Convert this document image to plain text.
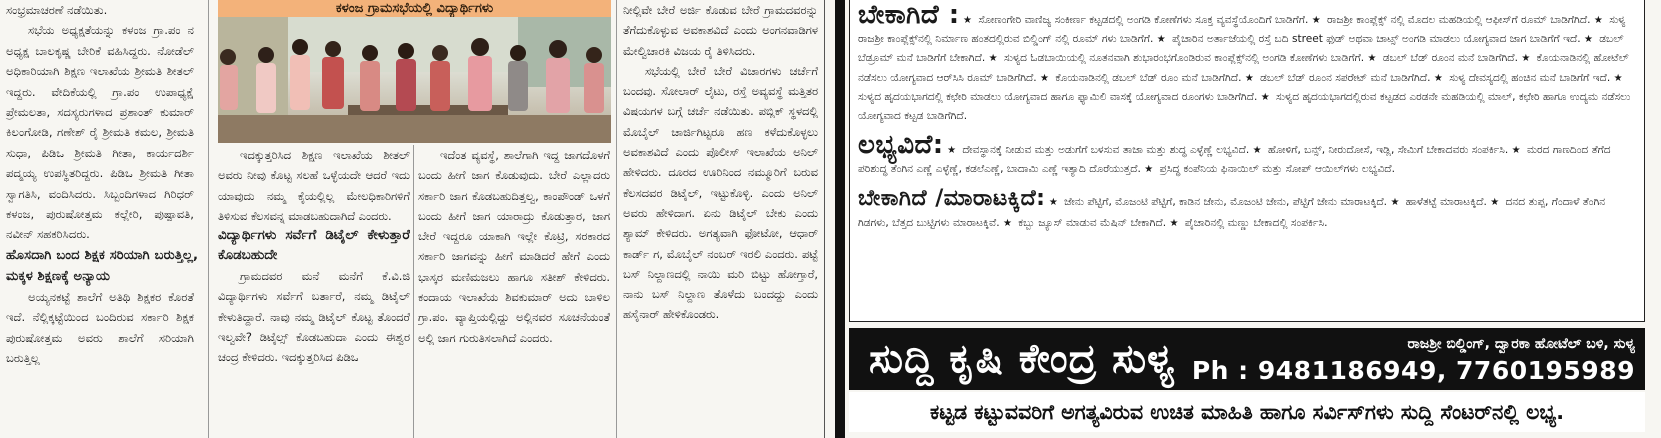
ಸಂಭ್ರಮಾಚರಣೆ ನಡೆಯಿತು.

ಸಭೆಯ ಅಧ್ಯಕ್ಷತೆಯನ್ನು ಕಳಂಜ ಗ್ರಾ.ಪಂ ನ ಅಧ್ಯಕ್ಷ ಬಾಲಕೃಷ್ಣ ಬೇರಿಕೆ ವಹಿಸಿದ್ದರು. ನೋಡೆಲ್ ಅಧಿಕಾರಿಯಾಗಿ ಶಿಕ್ಷಣ ಇಲಾಖೆಯ ಶ್ರೀಮತಿ ಶೀತಲ್ ಇದ್ದರು. ವೇದಿಕೆಯಲ್ಲಿ ಗ್ರಾ.ಪಂ ಉಪಾಧ್ಯಕ್ಷೆ ಪ್ರೇಮಲತಾ, ಸದಸ್ಯರುಗಳಾದ ಪ್ರಶಾಂತ್ ಕುಮಾರ್ ಕಿಲಂಗೋಡಿ, ಗಣೇಶ್ ರೈ ಶ್ರೀಮತಿ ಕಮಲ, ಶ್ರೀಮತಿ ಸುಧಾ, ಪಿಡಿಒ ಶ್ರೀಮತಿ ಗೀತಾ, ಕಾರ್ಯದರ್ಶಿ ಪದ್ಮಯ್ಯ ಉಪಸ್ಥಿತರಿದ್ದರು. ಪಿಡಿಒ ಶ್ರೀಮತಿ ಗೀತಾ ಸ್ವಾಗತಿಸಿ, ವಂದಿಸಿದರು. ಸಿಬ್ಬಂದಿಗಳಾದ ಗಿರಿಧರ್ ಕಳಂಜ, ಪುರುಷೋತ್ತಮ ಕಲ್ಲೇರಿ, ಪುಷ್ಪಾವತಿ, ನವೀನ್ ಸಹಕರಿಸಿದರು.

ಹೊಸದಾಗಿ ಬಂದ ಶಿಕ್ಷಕ ಸರಿಯಾಗಿ ಬರುತ್ತಿಲ್ಲ, ಮಕ್ಕಳ ಶಿಕ್ಷಣಕ್ಕೆ ಅನ್ಯಾಯ

ಅಯ್ಯನಕಟ್ಟೆ ಶಾಲೆಗೆ ಅತಿಥಿ ಶಿಕ್ಷಕರ ಕೊರತೆ ಇದೆ. ನೆಲ್ಲಿಕ್ಕಟ್ಟೆಯಿಂದ ಬಂದಿರುವ ಸರ್ಕಾರಿ ಶಿಕ್ಷಕ ಪುರುಷೋತ್ತಮ ಅವರು ಶಾಲೆಗೆ ಸರಿಯಾಗಿ ಬರುತ್ತಿಲ್ಲ

ಕಳಂಜ ಗ್ರಾಮಸಭೆಯಲ್ಲಿ ವಿದ್ಯಾರ್ಥಿಗಳು

ಇದಕ್ಕುತ್ತರಿಸಿದ ಶಿಕ್ಷಣ ಇಲಾಖೆಯ ಶೀತಲ್ ಅವರು ನೀವು ಕೊಟ್ಟ ಸಲಹೆ ಒಳ್ಳೆಯದೇ ಆದರೆ ಇದು ಯಾವುದು ನಮ್ಮ ಕೈಯಲ್ಲಿಲ್ಲ ಮೇಲಧಿಕಾರಿಗಳಿಗೆ ತಿಳಿಸುವ ಕೆಲಸವನ್ನ ಮಾಡಬಹುದಾಗಿದೆ ಎಂದರು.

ವಿದ್ಯಾರ್ಥಿಗಳು ಸರ್ವೆಗೆ ಡಿಟೈಲ್ ಕೇಳುತ್ತಾರೆ ಕೊಡಬಹುದೇ

ಗ್ರಾಮದವರ ಮನೆ ಮನೆಗೆ ಕೆ.ವಿ.ಜಿ ವಿದ್ಯಾರ್ಥಿಗಳು ಸರ್ವೆಗೆ ಬರ್ತಾರೆ, ನಮ್ಮ ಡಿಟೈಲ್ ಕೇಳುತಿದ್ದಾರೆ. ನಾವು ನಮ್ಮ ಡಿಟೈಲ್ ಕೊಟ್ಟ ತೊಂದರೆ ಇಲ್ವವೇ? ಡಿಟೈಲ್ಸ್ ಕೊಡಬಹುದಾ ಎಂದು ಈಶ್ವರ ಚಂದ್ರ ಕೇಳಿದರು. ಇದಕ್ಕುತ್ತರಿಸಿದ ಪಿಡಿಒ

ಇದೆಂತ ವ್ಯವಸ್ಥೆ, ಶಾಲೆಗಾಗಿ ಇದ್ದ ಜಾಗದೊಳಗೆ ಬಂದು ಹೀಗೆ ಜಾಗ ಕೊಡುವುದು. ಬೇರೆ ಎಲ್ಲಾದರು ಸರ್ಕಾರಿ ಜಾಗ ಕೊಡಬಹುದಿತ್ತಲ್ವ, ಕಾಂಪೌಂಡ್ ಒಳಗೆ ಬಂದು ಹೀಗೆ ಜಾಗ ಯಾರಾದ್ರು ಕೊಡುತ್ತಾರ, ಜಾಗ ಬೇರೆ ಇದ್ದರೂ ಯಾಕಾಗಿ ಇಲ್ಲೇ ಕೊಟ್ರಿ, ಸರಕಾರದ ಸರ್ಕಾರಿ ಜಾಗವನ್ನು ಹೀಗೆ ಮಾಡಿದರೆ ಹೇಗೆ ಎಂದು ಭಾಸ್ಕರ ಮಣಿಮಜಲು ಹಾಗೂ ಸತೀಶ್ ಕೇಳಿದರು. ಕಂದಾಯ ಇಲಾಖೆಯ ಶಿವಕುಮಾರ್ ಅದು ಬಾಳಿಲ ಗ್ರಾ.ಪಂ. ವ್ಯಾಪ್ತಿಯಲ್ಲಿದ್ದು ಅಲ್ಲಿನವರ ಸೂಚನೆಯಂತೆ ಅಲ್ಲಿ ಜಾಗ ಗುರುತಿಸಲಾಗಿದೆ ಎಂದರು.

ನೀಲ್ಲಿವೇ ಬೇರೆ ಅರ್ಜಿ ಕೊಡುವ ಬೇರೆ ಗ್ರಾಮದವರನ್ನು ತೆಗೆದುಕೊಳ್ಳುವ ಅವಕಾಶವಿದೆ ಎಂದು ಅಂಗನವಾಡಿಗಳ ಮೇಲ್ವಿಚಾರಕಿ ವಿಜಯ ರೈ ತಿಳಿಸಿದರು.

ಸಭೆಯಲ್ಲಿ ಬೇರೆ ಬೇರೆ ವಿಚಾರಗಳು ಚರ್ಚೆಗೆ ಬಂದವು. ಸೋಲಾರ್ ಲೈಟು, ರಸ್ತೆ ಅವ್ಯವಸ್ಥೆ ಮತ್ತಿತರ ವಿಷಯಗಳ ಬಗ್ಗೆ ಚರ್ಚೆ ನಡೆಯಿತು. ಪಬ್ಲಿಕ್ ಸ್ಥಳದಲ್ಲಿ ಮೊಬೈಲ್ ಚಾರ್ಜಿಗಿಟ್ಟರೂ ಹಣ ಕಳೆದುಕೊಳ್ಳಲು ಅವಕಾಶವಿದೆ ಎಂದು ಪೊಲೀಸ್ ಇಲಾಖೆಯ ಅನಿಲ್ ಹೇಳಿದರು. ದೂರದ ಊರಿನಿಂದ ನಮ್ಮೂರಿಗೆ ಬರುವ ಕೆಲಸದವರ ಡಿಟೈಲ್, ಇಟ್ಟುಕೊಳ್ಳಿ. ಎಂದು ಅನಿಲ್ ಅವರು ಹೇಳಿದಾಗ. ಏನು ಡಿಟೈಲ್ ಬೇಕು ಎಂದು ಶ್ಯಾಮ್ ಕೇಳಿದರು. ಅಗತ್ಯವಾಗಿ ಫೋಟೋ, ಆಧಾರ್ ಕಾರ್ಡ್ ಗ, ಮೊಬೈಲ್ ನಂಬರ್ ಇರಲಿ ಎಂದರು. ಪಟ್ಟೆ ಬಸ್ ನಿಲ್ದಾಣದಲ್ಲಿ ನಾಯಿ ಮರಿ ಬಿಟ್ಟು ಹೋಗ್ತಾರೆ, ನಾನು ಬಸ್ ನಿಲ್ದಾಣ ತೊಳೆದು ಬಂದದ್ದು ಎಂದು ಹಸೈನಾರ್ ಹೇಳಿಕೊಂಡರು.

ಬೇಕಾಗಿದೆ : ★ ಸೋಣಂಗೇರಿ ವಾಣಿಜ್ಯ ಸಂಕೀರ್ಣ ಕಟ್ಟಡದಲ್ಲಿ ಅಂಗಡಿ ಕೋಣೆಗಳು ಸೂಕ್ತ ವ್ಯವಸ್ಥೆಯೊಂದಿಗೆ ಬಾಡಿಗೆಗೆ. ★ ರಾಜಶ್ರೀ ಕಾಂಪ್ಲೆಕ್ಸ್ ನಲ್ಲಿ ಮೊದಲ ಮಹಡಿಯಲ್ಲಿ ಆಫೀಸ್‌ಗೆ ರೂಮ್ ಬಾಡಿಗೆಗಿದೆ. ★ ಸುಳ್ಯ ರಾಜಶ್ರೀ ಕಾಂಪ್ಲೆಕ್ಸ್‌ನಲ್ಲಿ ನಿರ್ಮಾಣ ಹಂತದಲ್ಲಿರುವ ಬಿಲ್ಡಿಂಗ್ ನಲ್ಲಿ ರೂಮ್ ಗಳು ಬಾಡಿಗೆಗೆ. ★ ಪೈಚಾರಿನ ಅರ್ತಾಜೆಯಲ್ಲಿ ರಸ್ತೆ ಬದಿ street ಫುಡ್ ಅಥವಾ ಚಾಟ್ಸ್ ಅಂಗಡಿ ಮಾಡಲು ಯೋಗ್ಯವಾದ ಜಾಗ ಬಾಡಿಗೆಗೆ ಇದೆ. ★ ಡಬಲ್ ಬೆಡ್ರೂಮ್ ಮನೆ ಬಾಡಿಗೆಗೆ ಬೇಕಾಗಿದೆ. ★ ಸುಳ್ಯದ ಓಡಬಾಯಿಯಲ್ಲಿ ನೂತನವಾಗಿ ಶುಭಾರಂಭಗೊಂಡಿರುವ ಕಾಂಪ್ಲೆಕ್ಸ್‌ನಲ್ಲಿ ಅಂಗಡಿ ಕೋಣೆಗಳು ಬಾಡಿಗೆಗೆ. ★ ಡಬಲ್ ಬೆಡ್ ರೂಂನ ಮನೆ ಬಾಡಿಗೆಗಿದೆ. ★ ಕೊಯನಾಡಿನಲ್ಲಿ ಹೋಟೆಲ್ ನಡೆಸಲು ಯೋಗ್ಯವಾದ ಆರ್‌ಸಿಸಿ ರೂಮ್ ಬಾಡಿಗೆಗಿದೆ. ★ ಕೊಯನಾಡಿನಲ್ಲಿ ಡಬಲ್ ಬೆಡ್ ರೂಂ ಮನೆ ಬಾಡಿಗೆಗಿದೆ. ★ ಡಬಲ್ ಬೆಡ್ ರೂಂನ ಸಪರೇಟ್ ಮನೆ ಬಾಡಿಗೆಗಿದೆ. ★ ಸುಳ್ಯ ದೇವಸ್ಯದಲ್ಲಿ ಹಂಚಿನ ಮನೆ ಬಾಡಿಗೆಗೆ ಇದೆ. ★ ಸುಳ್ಯದ ಹೃದಯಭಾಗದಲ್ಲಿ ಕಛೇರಿ ಮಾಡಲು ಯೋಗ್ಯವಾದ ಹಾಗೂ ಫ್ಯಾಮಿಲಿ ವಾಸಕ್ಕೆ ಯೋಗ್ಯವಾದ ರೂಂಗಳು ಬಾಡಿಗೆಗಿದೆ. ★ ಸುಳ್ಯದ ಹೃದಯಭಾಗದಲ್ಲಿರುವ ಕಟ್ಟಡದ ಎರಡನೇ ಮಹಡಿಯಲ್ಲಿ ಮಾಲ್, ಕಛೇರಿ ಹಾಗೂ ಉದ್ಯಮ ನಡೆಸಲು ಯೋಗ್ಯವಾದ ಕಟ್ಟಡ ಬಾಡಿಗೆಗಿದೆ.
ಲಭ್ಯವಿದೆ: ★ ದೇವಸ್ಥಾನಕ್ಕೆ ನೀಡುವ ಮತ್ತು ಅಡುಗೆಗೆ ಬಳಸುವ ತಾಜಾ ಮತ್ತು ಶುದ್ಧ ಎಳ್ಳೆಣ್ಣೆ ಲಭ್ಯವಿದೆ. ★ ಹೋಳಿಗೆ, ಬನ್ಸ್, ನೀರುದೋಸೆ, ಇಡ್ಲಿ, ಸೇಮಿಗೆ ಬೇಕಾದವರು ಸಂಪರ್ಕಿಸಿ. ★ ಮರದ ಗಾಣದಿಂದ ತೆಗೆದ ಪರಿಶುದ್ಧ ತೆಂಗಿನ ಎಣ್ಣೆ ಎಳ್ಳೆಣ್ಣೆ, ಕಡಲೆಎಣ್ಣೆ, ಬಾದಾಮಿ ಎಣ್ಣೆ ಇತ್ಯಾದಿ ದೊರೆಯುತ್ತದೆ. ★ ಪ್ರಸಿದ್ಧ ಕಂಪೆನಿಯ ಫಿನಾಯಿಲ್ ಮತ್ತು ಸೋಪ್ ಆಯಿಲ್‌ಗಳು ಲಭ್ಯವಿದೆ.
ಬೇಕಾಗಿದೆ /ಮಾರಾಟಕ್ಕಿದೆ: ★ ಜೇನು ಪೆಟ್ಟಿಗೆ, ಮೊಜಂಟಿ ಪೆಟ್ಟಿಗೆ, ಕಾಡಿನ ಜೇನು, ಮೊಜಂಟಿ ಜೇನು, ಪೆಟ್ಟಿಗೆ ಜೇನು ಮಾರಾಟಕ್ಕಿದೆ. ★ ಹಾಳೆತಟ್ಟೆ ಮಾರಾಟಕ್ಕಿದೆ. ★ ದನದ ತುಪ್ಪ, ಗೆಂದಾಳೆ ತೆಂಗಿನ ಗಿಡಗಳು, ಬೆತ್ತದ ಬುಟ್ಟಿಗಳು ಮಾರಾಟಕ್ಕಿವೆ. ★ ಕಬ್ಬು ಜ್ಯೂಸ್ ಮಾಡುವ ಮೆಷಿನ್ ಬೇಕಾಗಿದೆ. ★ ಪೈಚಾರಿನಲ್ಲಿ ಮಣ್ಣು ಬೇಕಾದಲ್ಲಿ ಸಂಪರ್ಕಿಸಿ.
ಸುದ್ದಿ ಕೃಷಿ ಕೇಂದ್ರ ಸುಳ್ಯ	ರಾಜಶ್ರೀ ಬಿಲ್ಡಿಂಗ್, ದ್ವಾರಕಾ ಹೋಟೆಲ್ ಬಳಿ, ಸುಳ್ಯ
Ph : 9481186949, 7760195989
ಕಟ್ಟಡ ಕಟ್ಟುವವರಿಗೆ ಅಗತ್ಯವಿರುವ ಉಚಿತ ಮಾಹಿತಿ ಹಾಗೂ ಸರ್ವಿಸ್‌ಗಳು ಸುದ್ದಿ ಸೆಂಟರ್‌ನಲ್ಲಿ ಲಭ್ಯ.
